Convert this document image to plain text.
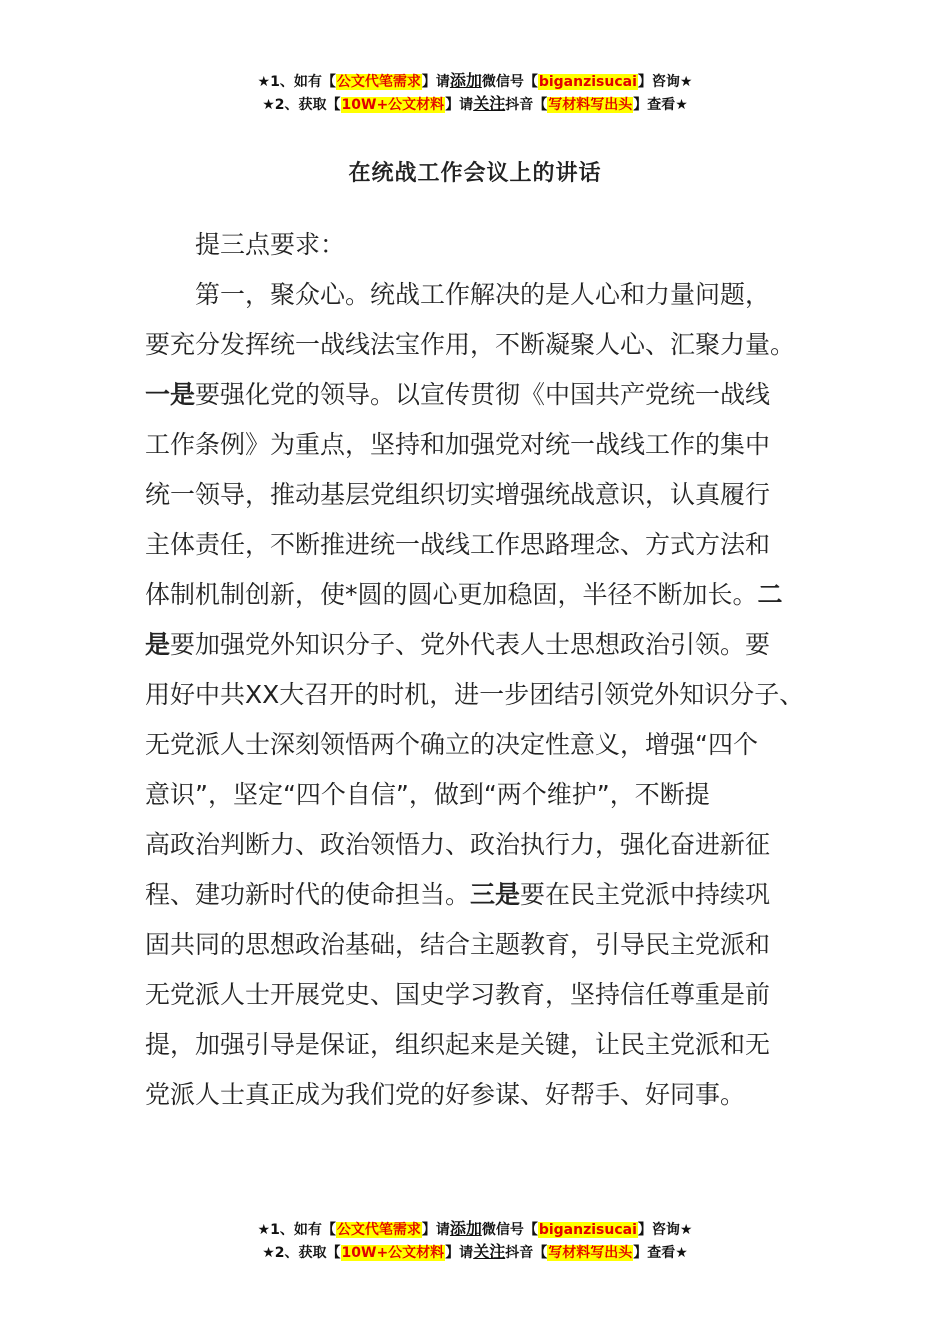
★1、如有【公文代笔需求】请添加微信号【biganzisucai】咨询★
★2、获取【10W+公文材料】请关注抖音【写材料写出头】查看★
在统战工作会议上的讲话
提三点要求：
第一，聚众心。统战工作解决的是人心和力量问题，
要充分发挥统一战线法宝作用，不断凝聚人心、汇聚力量。
一是要强化党的领导。以宣传贯彻《中国共产党统一战线
工作条例》为重点，坚持和加强党对统一战线工作的集中
统一领导，推动基层党组织切实增强统战意识，认真履行
主体责任，不断推进统一战线工作思路理念、方式方法和
体制机制创新，使*圆的圆心更加稳固，半径不断加长。二
是要加强党外知识分子、党外代表人士思想政治引领。要
用好中共XX大召开的时机，进一步团结引领党外知识分子、
无党派人士深刻领悟两个确立的决定性意义，增强“四个
意识”，坚定“四个自信”，做到“两个维护”，不断提
高政治判断力、政治领悟力、政治执行力，强化奋进新征
程、建功新时代的使命担当。三是要在民主党派中持续巩
固共同的思想政治基础，结合主题教育，引导民主党派和
无党派人士开展党史、国史学习教育，坚持信任尊重是前
提，加强引导是保证，组织起来是关键，让民主党派和无
党派人士真正成为我们党的好参谋、好帮手、好同事。
★1、如有【公文代笔需求】请添加微信号【biganzisucai】咨询★
★2、获取【10W+公文材料】请关注抖音【写材料写出头】查看★
